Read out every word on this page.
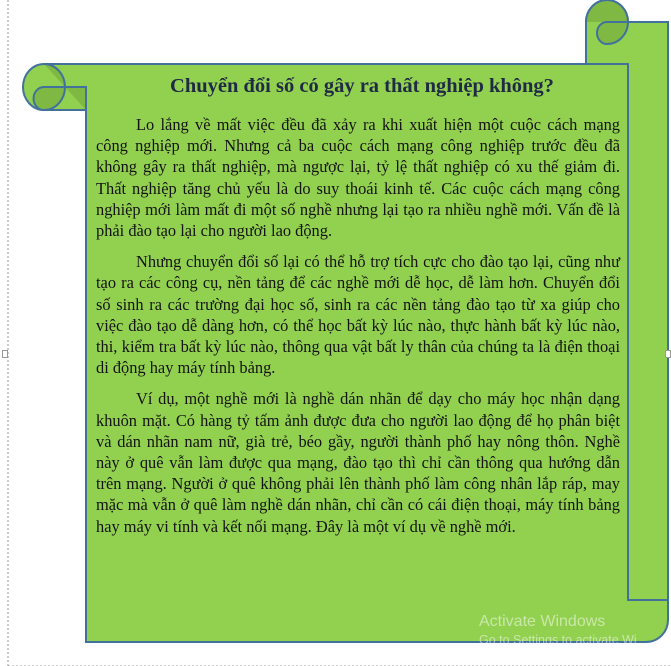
Chuyển đổi số có gây ra thất nghiệp không?

Lo lắng về mất việc đều đã xảy ra khi xuất hiện một cuộc cách mạng công nghiệp mới. Nhưng cả ba cuộc cách mạng công nghiệp trước đều đã không gây ra thất nghiệp, mà ngược lại, tỷ lệ thất nghiệp có xu thế giảm đi. Thất nghiệp tăng chủ yếu là do suy thoái kinh tế. Các cuộc cách mạng công nghiệp mới làm mất đi một số nghề nhưng lại tạo ra nhiều nghề mới. Vấn đề là phải đào tạo lại cho người lao động.

Nhưng chuyển đổi số lại có thể hỗ trợ tích cực cho đào tạo lại, cũng như tạo ra các công cụ, nền tảng để các nghề mới dễ học, dễ làm hơn. Chuyển đổi số sinh ra các trường đại học số, sinh ra các nền tảng đào tạo từ xa giúp cho việc đào tạo dễ dàng hơn, có thể học bất kỳ lúc nào, thực hành bất kỳ lúc nào, thi, kiểm tra bất kỳ lúc nào, thông qua vật bất ly thân của chúng ta là điện thoại di động hay máy tính bảng.

Ví dụ, một nghề mới là nghề dán nhãn để dạy cho máy học nhận dạng khuôn mặt. Có hàng tỷ tấm ảnh được đưa cho người lao động để họ phân biệt và dán nhãn nam nữ, già trẻ, béo gầy, người thành phố hay nông thôn. Nghề này ở quê vẫn làm được qua mạng, đào tạo thì chỉ cần thông qua hướng dẫn trên mạng. Người ở quê không phải lên thành phố làm công nhân lắp ráp, may mặc mà vẫn ở quê làm nghề dán nhãn, chỉ cần có cái điện thoại, máy tính bảng hay máy vi tính và kết nối mạng. Đây là một ví dụ về nghề mới.

Activate Windows
Go to Settings to activate Wi
